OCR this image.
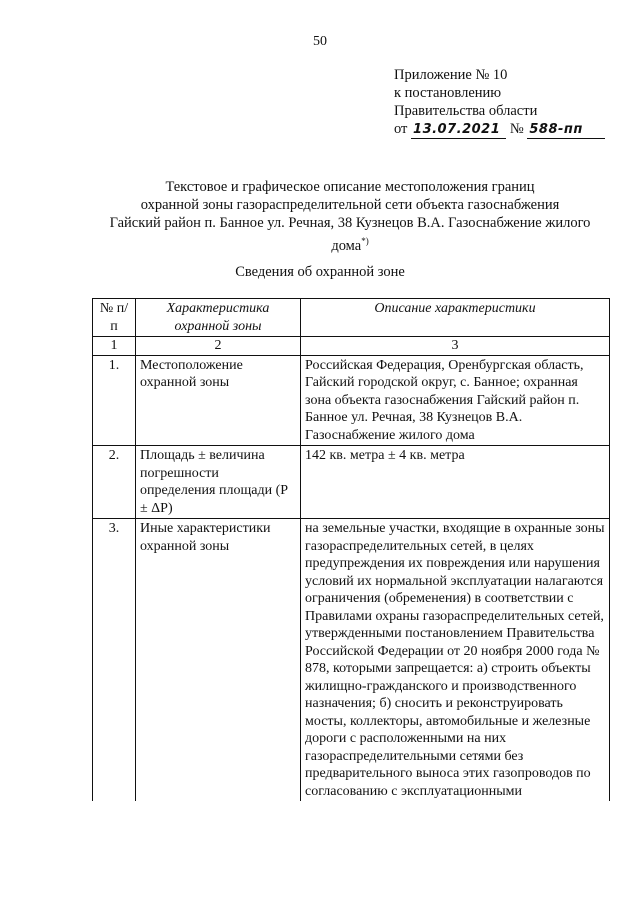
50
Приложение № 10
к постановлению
Правительства области
от 13.07.2021 № 588-пп
Текстовое и графическое описание местоположения границ
охранной зоны газораспределительной сети объекта газоснабжения
Гайский район п. Банное ул. Речная, 38 Кузнецов В.А. Газоснабжение жилого
дома*)
Сведения об охранной зоне
№ п/п	Характеристика охранной зоны	Описание характеристики
1	2	3
1.	Местоположение охранной зоны	Российская Федерация, Оренбургская область, Гайский городской округ, с. Банное; охранная зона объекта газоснабжения Гайский район п. Банное ул. Речная, 38 Кузнецов В.А. Газоснабжение жилого дома
2.	Площадь ± величина погрешности определения площади (P ± ΔP)	142 кв. метра ± 4 кв. метра
3.	Иные характеристики охранной зоны	на земельные участки, входящие в охранные зоны газораспределительных сетей, в целях предупреждения их повреждения или нарушения условий их нормальной эксплуатации налагаются ограничения (обременения) в соответствии с Правилами охраны газораспределительных сетей, утвержденными постановлением Правительства Российской Федерации от 20 ноября 2000 года № 878, которыми запрещается: а) строить объекты жилищно-гражданского и производственного назначения; б) сносить и реконструировать мосты, коллекторы, автомобильные и железные дороги с расположенными на них газораспределительными сетями без предварительного выноса этих газопроводов по согласованию с эксплуатационными
